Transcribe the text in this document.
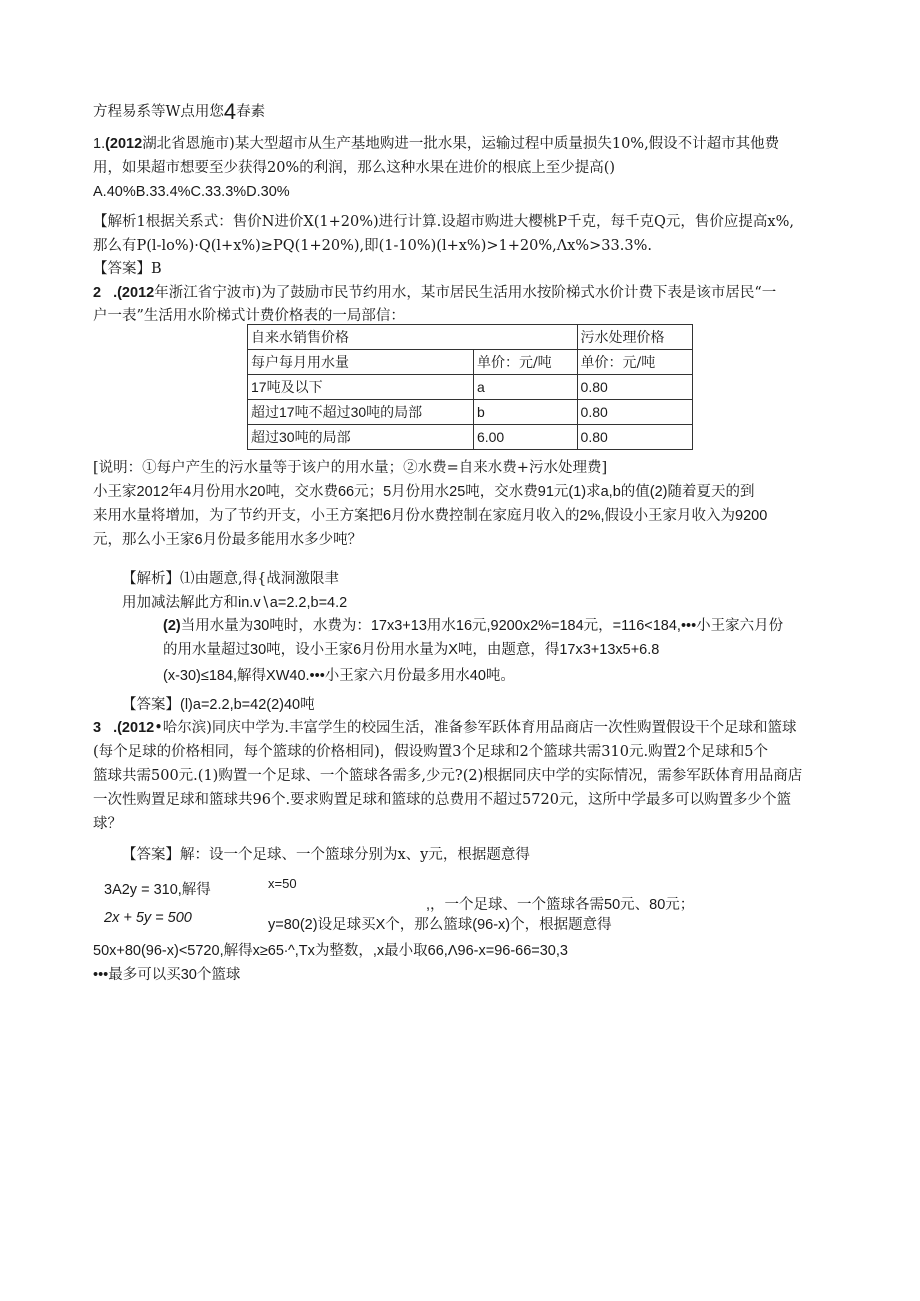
方程易系等W点用您4春素
1.(2012湖北省恩施市)某大型超市从生产基地购进一批水果，运输过程中质量损失10%,假设不计超市其他费
用，如果超市想要至少获得20%的利润，那么这种水果在进价的根底上至少提高()
A.40%B.33.4%C.33.3%D.30%
【解析1根据关系式：售价N进价X(1+20%)进行计算.设超市购进大樱桃P千克，每千克Q元，售价应提高x%,
那么有P(l-lo%)·Q(l+x%)≥PQ(1+20%),即(1-10%)(l+x%)>1+20%,Λx%>33.3%.
【答案】B
2 .(2012年浙江省宁波市)为了鼓励市民节约用水，某市居民生活用水按阶梯式水价计费下表是该市居民“一
户一表”生活用水阶梯式计费价格表的一局部信：
自来水销售价格		污水处理价格
每户每月用水量	单价：元/吨	单价：元/吨
17吨及以下	a	0.80
超过17吨不超过30吨的局部	b	0.80
超过30吨的局部	6.00	0.80
[说明：①每户产生的污水量等于该户的用水量；②水费=自来水费+污水处理费]
小王家2012年4月份用水20吨，交水费66元；5月份用水25吨，交水费91元(1)求a,b的值(2)随着夏天的到
来用水量将增加，为了节约开支，小王方案把6月份水费控制在家庭月收入的2%,假设小王家月收入为9200
元，那么小王家6月份最多能用水多少吨？
【解析】⑴由题意,得{战洞激限聿
用加减法解此方和in.v∖a=2.2,b=4.2
(2)当用水量为30吨时，水费为：17x3+13用水16元,9200x2%=184元，=116<184,•••小王家六月份
的用水量超过30吨，设小王家6月份用水量为X吨，由题意，得17x3+13x5+6.8
(x-30)≤184,解得XW40.•••小王家六月份最多用水40吨。
【答案】(l)a=2.2,b=42(2)40吨
3 .(2012•哈尔滨)同庆中学为.丰富学生的校园生活，准备参军跃体育用品商店一次性购置假设干个足球和篮球
(每个足球的价格相同，每个篮球的价格相同)，假设购置3个足球和2个篮球共需310元.购置2个足球和5个
篮球共需500元.(1)购置一个足球、一个篮球各需多,少元?(2)根据同庆中学的实际情况，需参军跃体育用品商店
一次性购置足球和篮球共96个.要求购置足球和篮球的总费用不超过5720元，这所中学最多可以购置多少个篮
球？
【答案】解：设一个足球、一个篮球分别为x、y元，根据题意得
3A2y = 310,解得	x=50
,，一个足球、一个篮球各需50元、80元；
2x + 5y = 500	y=80(2)设足球买X个，那么篮球(96-x)个，根据题意得
50x+80(96-x)<5720,解得x≥65∙^,Tx为整数，,x最小取66,Λ96-x=96-66=30,3
•••最多可以买30个篮球
